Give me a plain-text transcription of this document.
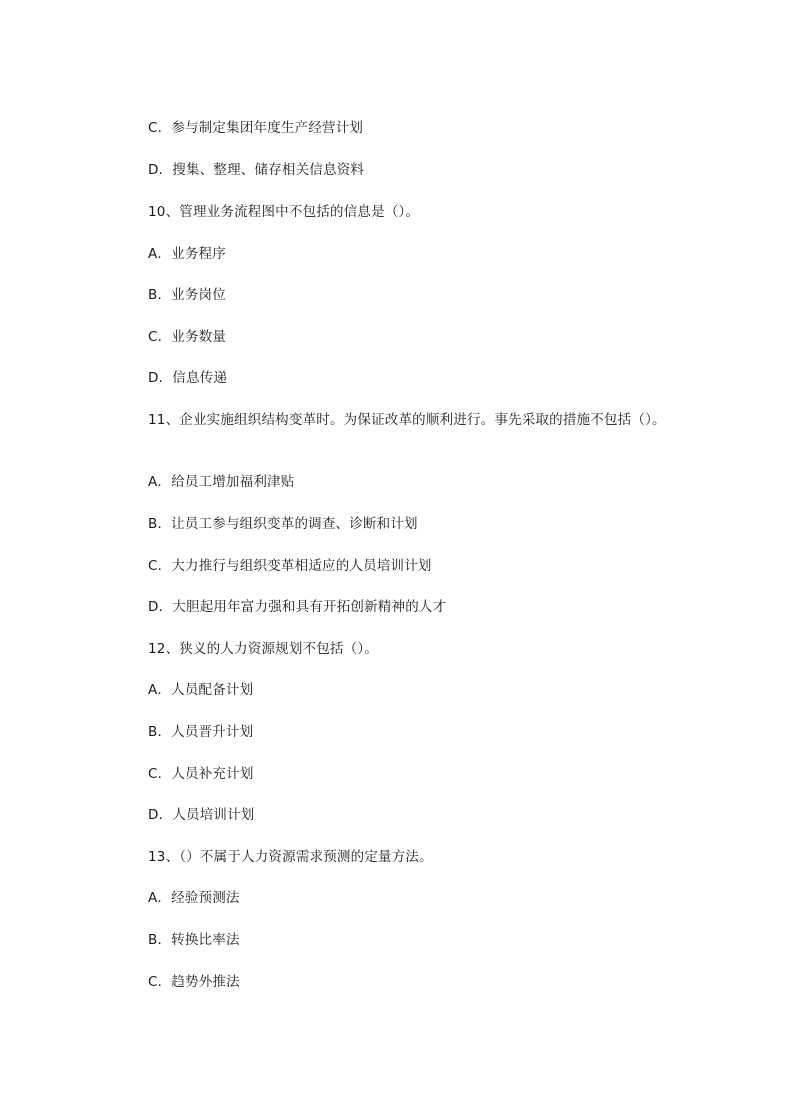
C．参与制定集团年度生产经营计划
D．搜集、整理、储存相关信息资料
10、管理业务流程图中不包括的信息是（）。
A．业务程序
B．业务岗位
C．业务数量
D．信息传递
11、企业实施组织结构变革时。为保证改革的顺利进行。事先采取的措施不包括（）。
A．给员工增加福利津贴
B．让员工参与组织变革的调查、诊断和计划
C．大力推行与组织变革相适应的人员培训计划
D．大胆起用年富力强和具有开拓创新精神的人才
12、狭义的人力资源规划不包括（）。
A．人员配备计划
B．人员晋升计划
C．人员补充计划
D．人员培训计划
13、（）不属于人力资源需求预测的定量方法。
A．经验预测法
B．转换比率法
C．趋势外推法
